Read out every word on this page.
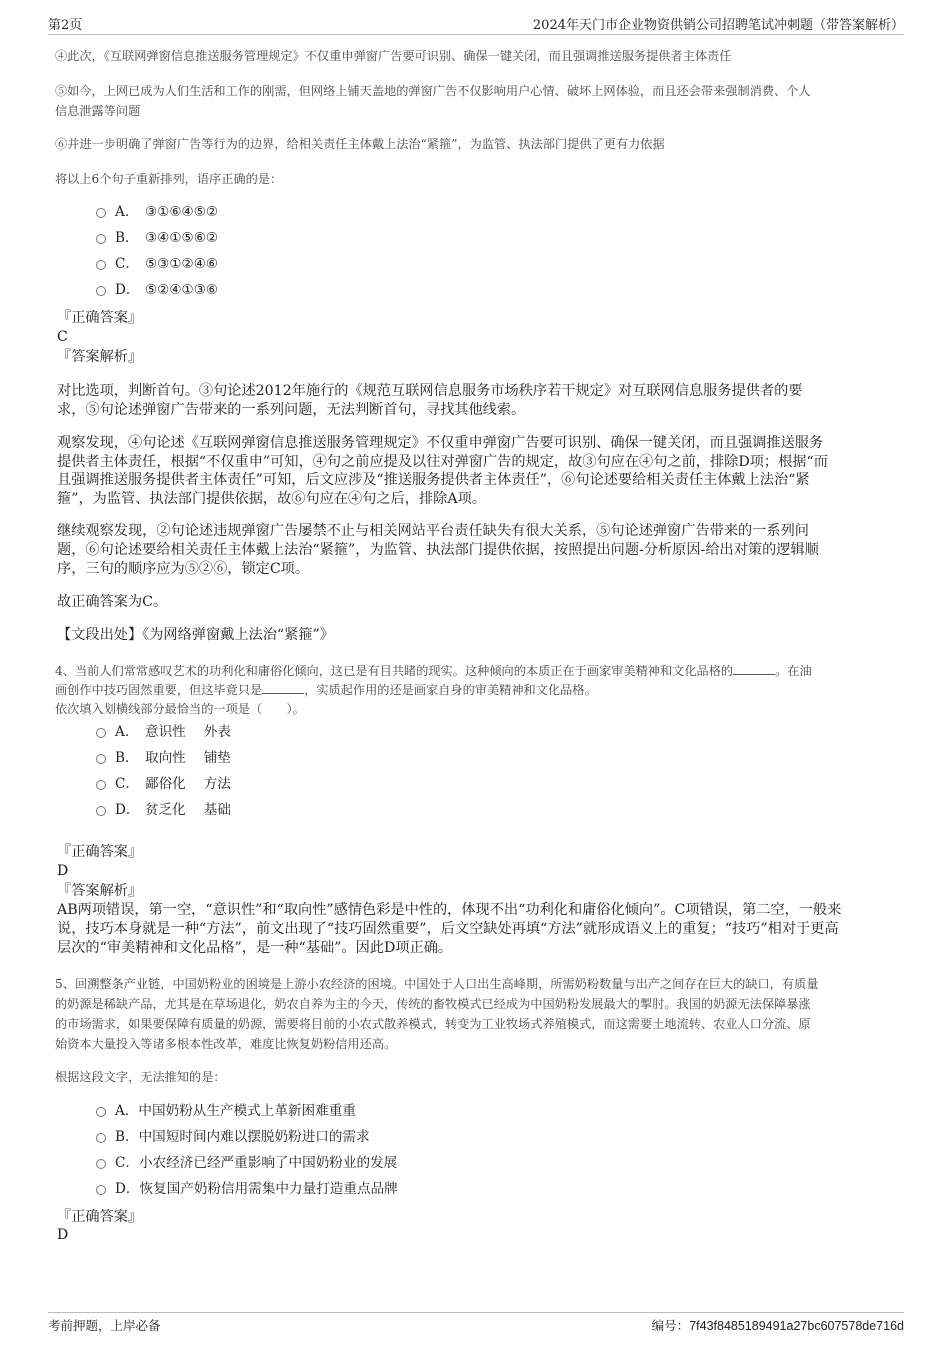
第2页	2024年天门市企业物资供销公司招聘笔试冲刺题（带答案解析）
④此次，《互联网弹窗信息推送服务管理规定》不仅重申弹窗广告要可识别、确保一键关闭，而且强调推送服务提供者主体责任
⑤如今，上网已成为人们生活和工作的刚需，但网络上铺天盖地的弹窗广告不仅影响用户心情、破坏上网体验，而且还会带来强制消费、个人
信息泄露等问题
⑥并进一步明确了弹窗广告等行为的边界，给相关责任主体戴上法治“紧箍”，为监管、执法部门提供了更有力依据
将以上6个句子重新排列，语序正确的是：
A． ③①⑥④⑤②
B． ③④①⑤⑥②
C． ⑤③①②④⑥
D． ⑤②④①③⑥
『正确答案』
C
『答案解析』
对比选项，判断首句。③句论述2012年施行的《规范互联网信息服务市场秩序若干规定》对互联网信息服务提供者的要
求，⑤句论述弹窗广告带来的一系列问题，无法判断首句，寻找其他线索。
观察发现，④句论述《互联网弹窗信息推送服务管理规定》不仅重申弹窗广告要可识别、确保一键关闭，而且强调推送服务
提供者主体责任，根据“不仅重申”可知，④句之前应提及以往对弹窗广告的规定，故③句应在④句之前，排除D项；根据“而
且强调推送服务提供者主体责任”可知，后文应涉及“推送服务提供者主体责任”，⑥句论述要给相关责任主体戴上法治“紧
箍”，为监管、执法部门提供依据，故⑥句应在④句之后，排除A项。
继续观察发现，②句论述违规弹窗广告屡禁不止与相关网站平台责任缺失有很大关系，⑤句论述弹窗广告带来的一系列问
题，⑥句论述要给相关责任主体戴上法治“紧箍”，为监管、执法部门提供依据，按照提出问题-分析原因-给出对策的逻辑顺
序，三句的顺序应为⑤②⑥，锁定C项。
故正确答案为C。
【文段出处】《为网络弹窗戴上法治“紧箍”》
4、当前人们常常感叹艺术的功利化和庸俗化倾向，这已是有目共睹的现实。这种倾向的本质正在于画家审美精神和文化品格的	。在油
画创作中技巧固然重要，但这毕竟只是	，实质起作用的还是画家自身的审美精神和文化品格。
依次填入划横线部分最恰当的一项是（　　）。
A． 意识性　 外表
B． 取向性　 铺垫
C． 鄙俗化　 方法
D． 贫乏化　 基础
『正确答案』
D
『答案解析』
AB两项错误，第一空，“意识性”和“取向性”感情色彩是中性的，体现不出“功利化和庸俗化倾向”。C项错误，第二空，一般来
说，技巧本身就是一种“方法”，前文出现了“技巧固然重要”，后文空缺处再填“方法”就形成语义上的重复；“技巧”相对于更高
层次的“审美精神和文化品格”，是一种“基础”。因此D项正确。
5、回溯整条产业链，中国奶粉业的困境是上游小农经济的困境。中国处于人口出生高峰期，所需奶粉数量与出产之间存在巨大的缺口，有质量
的奶源是稀缺产品，尤其是在草场退化，奶农自养为主的今天，传统的畜牧模式已经成为中国奶粉发展最大的掣肘。我国的奶源无法保障暴涨
的市场需求，如果要保障有质量的奶源，需要将目前的小农式散养模式，转变为工业牧场式养殖模式，而这需要土地流转、农业人口分流、原
始资本大量投入等诸多根本性改革，难度比恢复奶粉信用还高。
根据这段文字，无法推知的是：
A．中国奶粉从生产模式上革新困难重重
B．中国短时间内难以摆脱奶粉进口的需求
C．小农经济已经严重影响了中国奶粉业的发展
D．恢复国产奶粉信用需集中力量打造重点品牌
『正确答案』
D
考前押题，上岸必备	编号：7f43f8485189491a27bc607578de716d
